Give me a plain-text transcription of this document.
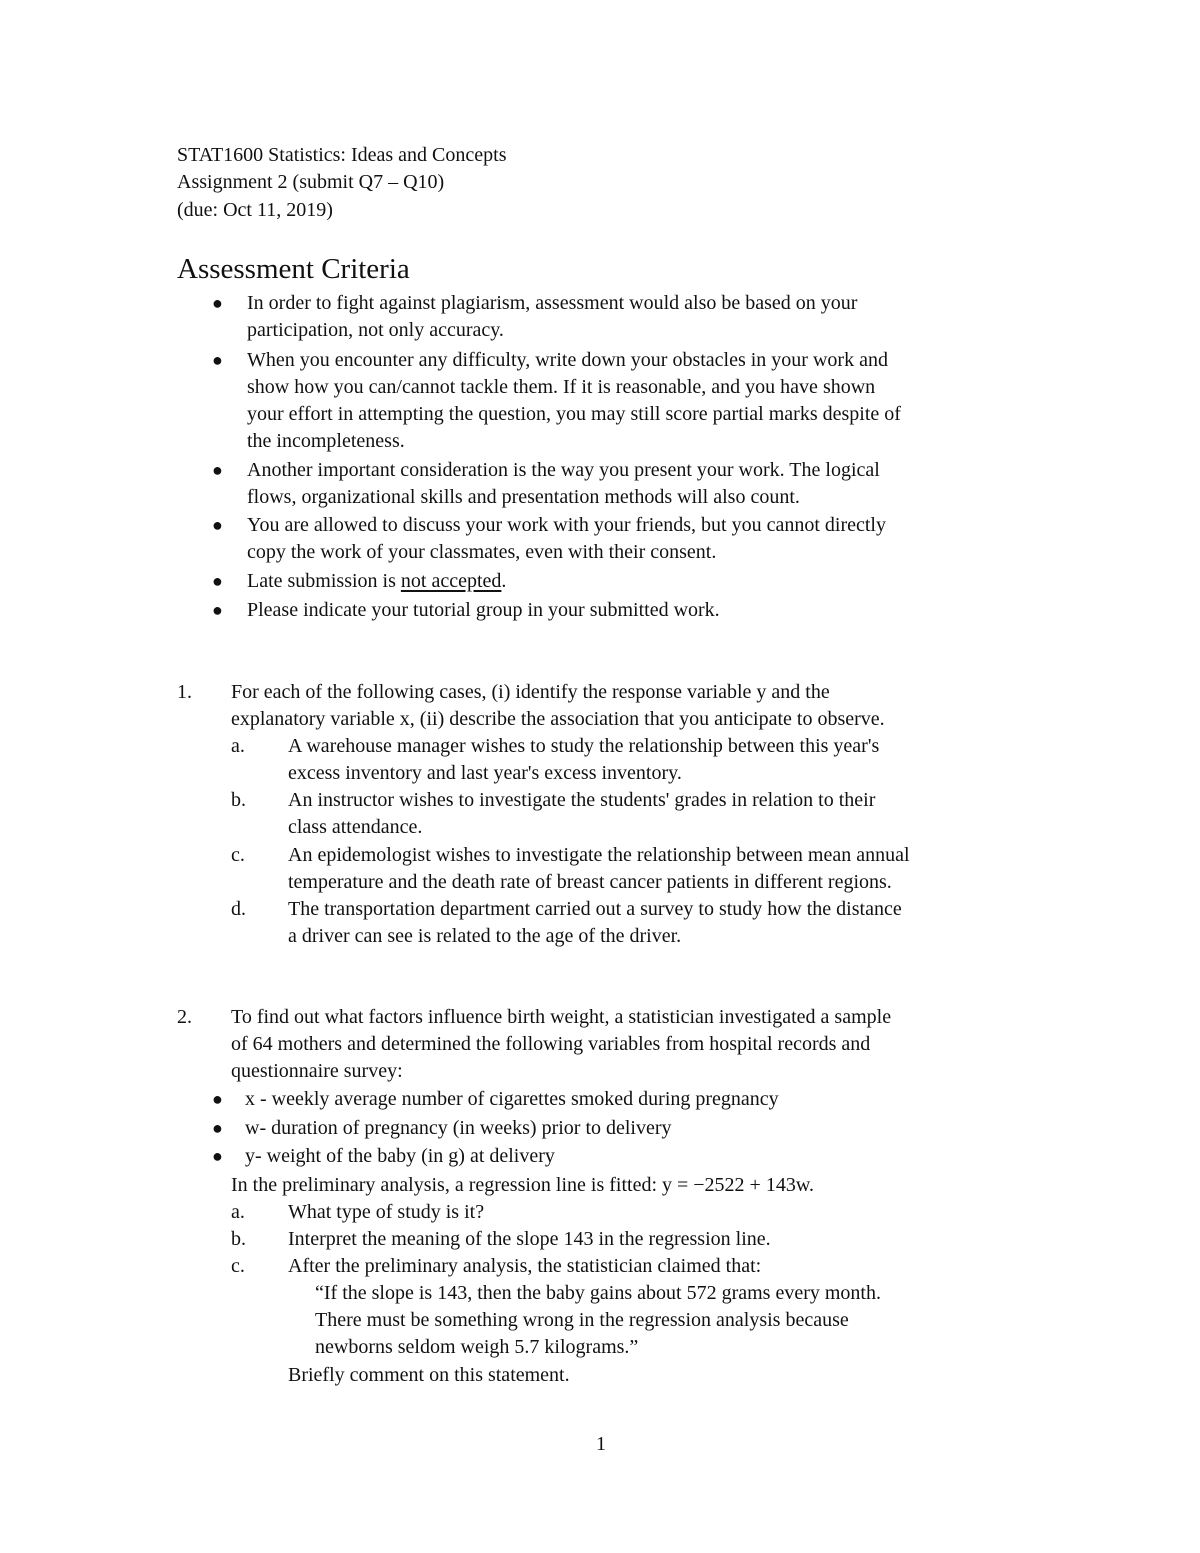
STAT1600 Statistics: Ideas and Concepts
Assignment 2 (submit Q7 – Q10)
(due: Oct 11, 2019)
Assessment Criteria
● In order to fight against plagiarism, assessment would also be based on your
participation, not only accuracy.
● When you encounter any difficulty, write down your obstacles in your work and
show how you can/cannot tackle them. If it is reasonable, and you have shown
your effort in attempting the question, you may still score partial marks despite of
the incompleteness.
● Another important consideration is the way you present your work. The logical
flows, organizational skills and presentation methods will also count.
● You are allowed to discuss your work with your friends, but you cannot directly
copy the work of your classmates, even with their consent.
● Late submission is not accepted.
● Please indicate your tutorial group in your submitted work.
1. For each of the following cases, (i) identify the response variable y and the
explanatory variable x, (ii) describe the association that you anticipate to observe.
a. A warehouse manager wishes to study the relationship between this year's
excess inventory and last year's excess inventory.
b. An instructor wishes to investigate the students' grades in relation to their
class attendance.
c. An epidemologist wishes to investigate the relationship between mean annual
temperature and the death rate of breast cancer patients in different regions.
d. The transportation department carried out a survey to study how the distance
a driver can see is related to the age of the driver.
2. To find out what factors influence birth weight, a statistician investigated a sample
of 64 mothers and determined the following variables from hospital records and
questionnaire survey:
● x - weekly average number of cigarettes smoked during pregnancy
● w- duration of pregnancy (in weeks) prior to delivery
● y- weight of the baby (in g) at delivery
In the preliminary analysis, a regression line is fitted: y = −2522 + 143w.
a. What type of study is it?
b. Interpret the meaning of the slope 143 in the regression line.
c. After the preliminary analysis, the statistician claimed that:
“If the slope is 143, then the baby gains about 572 grams every month.
There must be something wrong in the regression analysis because
newborns seldom weigh 5.7 kilograms.”
Briefly comment on this statement.
1
